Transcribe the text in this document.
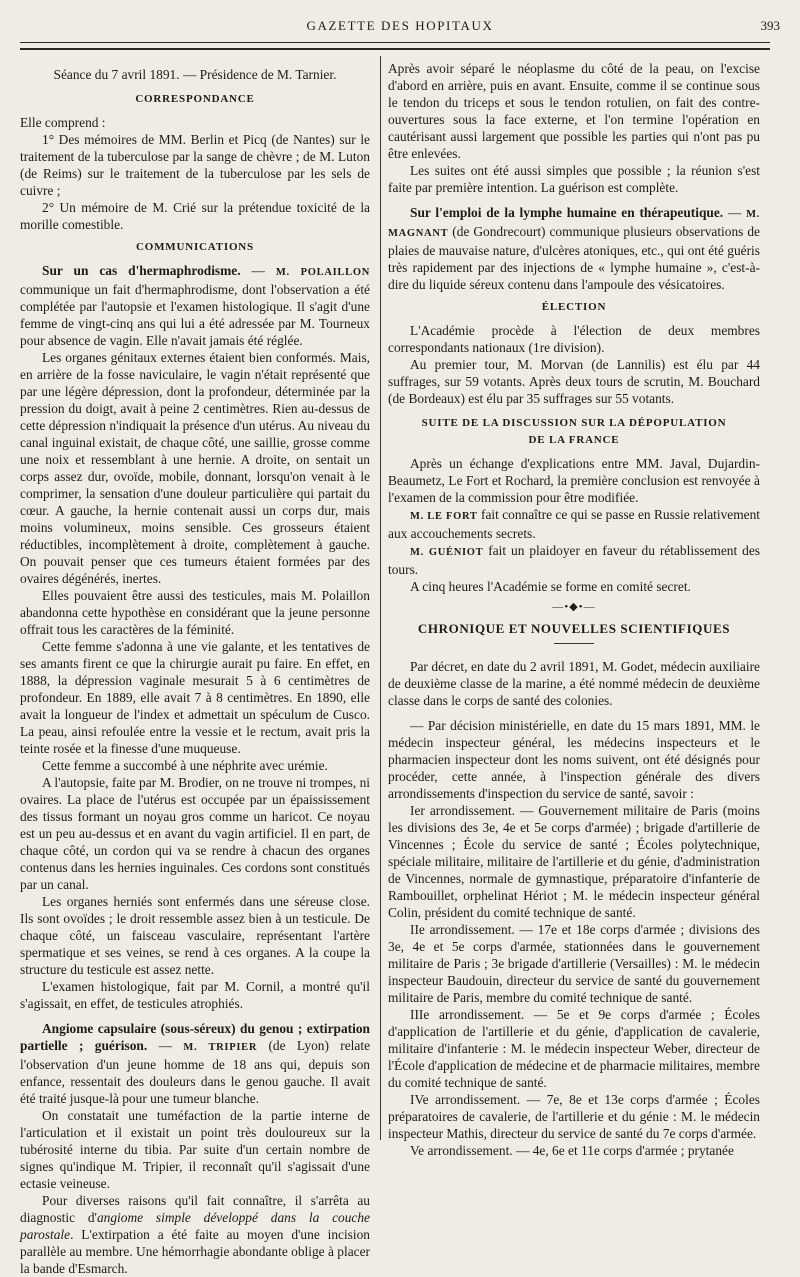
GAZETTE DES HOPITAUX	393

Séance du 7 avril 1891. — Présidence de M. Tarnier.

CORRESPONDANCE

Elle comprend :

1° Des mémoires de MM. Berlin et Picq (de Nantes) sur le traitement de la tuberculose par la sange de chèvre ; de M. Luton (de Reims) sur le traitement de la tuberculose par les sels de cuivre ;

2° Un mémoire de M. Crié sur la prétendue toxicité de la morille comestible.

COMMUNICATIONS

Sur un cas d'hermaphrodisme. — M. POLAILLON communique un fait d'hermaphrodisme, dont l'observation a été complétée par l'autopsie et l'examen histologique. Il s'agit d'une femme de vingt-cinq ans qui lui a été adressée par M. Tourneux pour absence de vagin. Elle n'avait jamais été réglée.

Les organes génitaux externes étaient bien conformés. Mais, en arrière de la fosse naviculaire, le vagin n'était représenté que par une légère dépression, dont la profondeur, déterminée par la pression du doigt, avait à peine 2 centimètres. Rien au-dessus de cette dépression n'indiquait la présence d'un utérus. Au niveau du canal inguinal existait, de chaque côté, une saillie, grosse comme une noix et ressemblant à une hernie. A droite, on sentait un corps assez dur, ovoïde, mobile, donnant, lorsqu'on venait à le comprimer, la sensation d'une douleur particulière qui partait du cœur. A gauche, la hernie contenait aussi un corps dur, mais moins volumineux, moins sensible. Ces grosseurs étaient réductibles, incomplètement à droite, complètement à gauche. On pouvait penser que ces tumeurs étaient formées par des ovaires dégénérés, inertes.

Elles pouvaient être aussi des testicules, mais M. Polaillon abandonna cette hypothèse en considérant que la jeune personne offrait tous les caractères de la féminité.

Cette femme s'adonna à une vie galante, et les tentatives de ses amants firent ce que la chirurgie aurait pu faire. En effet, en 1888, la dépression vaginale mesurait 5 à 6 centimètres de profondeur. En 1889, elle avait 7 à 8 centimètres. En 1890, elle avait la longueur de l'index et admettait un spéculum de Cusco. La peau, ainsi refoulée entre la vessie et le rectum, avait pris la teinte rosée et la finesse d'une muqueuse.

Cette femme a succombé à une néphrite avec urémie.

A l'autopsie, faite par M. Brodier, on ne trouve ni trompes, ni ovaires. La place de l'utérus est occupée par un épaississement des tissus formant un noyau gros comme un haricot. Ce noyau est un peu au-dessus et en avant du vagin artificiel. Il en part, de chaque côté, un cordon qui va se rendre à chacun des organes contenus dans les hernies inguinales. Ces cordons sont constitués par un canal.

Les organes herniés sont enfermés dans une séreuse close. Ils sont ovoïdes ; le droit ressemble assez bien à un testicule. De chaque côté, un faisceau vasculaire, représentant l'artère spermatique et ses veines, se rend à ces organes. A la coupe la structure du testicule est assez nette.

L'examen histologique, fait par M. Cornil, a montré qu'il s'agissait, en effet, de testicules atrophiés.

Angiome capsulaire (sous-séreux) du genou ; extirpation partielle ; guérison. — M. TRIPIER (de Lyon) relate l'observation d'un jeune homme de 18 ans qui, depuis son enfance, ressentait des douleurs dans le genou gauche. Il avait été traité jusque-là pour une tumeur blanche.

On constatait une tuméfaction de la partie interne de l'articulation et il existait un point très douloureux sur la tubérosité interne du tibia. Par suite d'un certain nombre de signes qu'indique M. Tripier, il reconnaît qu'il s'agissait d'une ectasie veineuse.

Pour diverses raisons qu'il fait connaître, il s'arrêta au diagnostic d'angiome simple développé dans la couche parostale. L'extirpation a été faite au moyen d'une incision parallèle au membre. Une hémorrhagie abondante oblige à placer la bande d'Esmarch.

Après avoir séparé le néoplasme du côté de la peau, on l'excise d'abord en arrière, puis en avant. Ensuite, comme il se continue sous le tendon du triceps et sous le tendon rotulien, on fait des contre-ouvertures sous la face externe, et l'on termine l'opération en cautérisant aussi largement que possible les parties qui n'ont pas pu être enlevées.

Les suites ont été aussi simples que possible ; la réunion s'est faite par première intention. La guérison est complète.

Sur l'emploi de la lymphe humaine en thérapeutique. — M. MAGNANT (de Gondrecourt) communique plusieurs observations de plaies de mauvaise nature, d'ulcères atoniques, etc., qui ont été guéris très rapidement par des injections de « lymphe humaine », c'est-à-dire du liquide séreux contenu dans l'ampoule des vésicatoires.

ÉLECTION

L'Académie procède à l'élection de deux membres correspondants nationaux (1re division).

Au premier tour, M. Morvan (de Lannilis) est élu par 44 suffrages, sur 59 votants. Après deux tours de scrutin, M. Bouchard (de Bordeaux) est élu par 35 suffrages sur 55 votants.

SUITE DE LA DISCUSSION SUR LA DÉPOPULATION

DE LA FRANCE

Après un échange d'explications entre MM. Javal, Dujardin-Beaumetz, Le Fort et Rochard, la première conclusion est renvoyée à l'examen de la commission pour être modifiée.

M. LE FORT fait connaître ce qui se passe en Russie relativement aux accouchements secrets.

M. GUÉNIOT fait un plaidoyer en faveur du rétablissement des tours.

A cinq heures l'Académie se forme en comité secret.

—•◆•—

CHRONIQUE ET NOUVELLES SCIENTIFIQUES

Par décret, en date du 2 avril 1891, M. Godet, médecin auxiliaire de deuxième classe de la marine, a été nommé médecin de deuxième classe dans le corps de santé des colonies.

— Par décision ministérielle, en date du 15 mars 1891, MM. le médecin inspecteur général, les médecins inspecteurs et le pharmacien inspecteur dont les noms suivent, ont été désignés pour procéder, cette année, à l'inspection générale des divers arrondissements d'inspection du service de santé, savoir :

Ier arrondissement. — Gouvernement militaire de Paris (moins les divisions des 3e, 4e et 5e corps d'armée) ; brigade d'artillerie de Vincennes ; École du service de santé ; Écoles polytechnique, spéciale militaire, militaire de l'artillerie et du génie, d'administration de Vincennes, normale de gymnastique, préparatoire d'infanterie de Rambouillet, orphelinat Hériot ; M. le médecin inspecteur général Colin, président du comité technique de santé.

IIe arrondissement. — 17e et 18e corps d'armée ; divisions des 3e, 4e et 5e corps d'armée, stationnées dans le gouvernement militaire de Paris ; 3e brigade d'artillerie (Versailles) : M. le médecin inspecteur Baudouin, directeur du service de santé du gouvernement militaire de Paris, membre du comité technique de santé.

IIIe arrondissement. — 5e et 9e corps d'armée ; Écoles d'application de l'artillerie et du génie, d'application de cavalerie, militaire d'infanterie : M. le médecin inspecteur Weber, directeur de l'École d'application de médecine et de pharmacie militaires, membre du comité technique de santé.

IVe arrondissement. — 7e, 8e et 13e corps d'armée ; Écoles préparatoires de cavalerie, de l'artillerie et du génie : M. le médecin inspecteur Mathis, directeur du service de santé du 7e corps d'armée.

Ve arrondissement. — 4e, 6e et 11e corps d'armée ; prytanée
